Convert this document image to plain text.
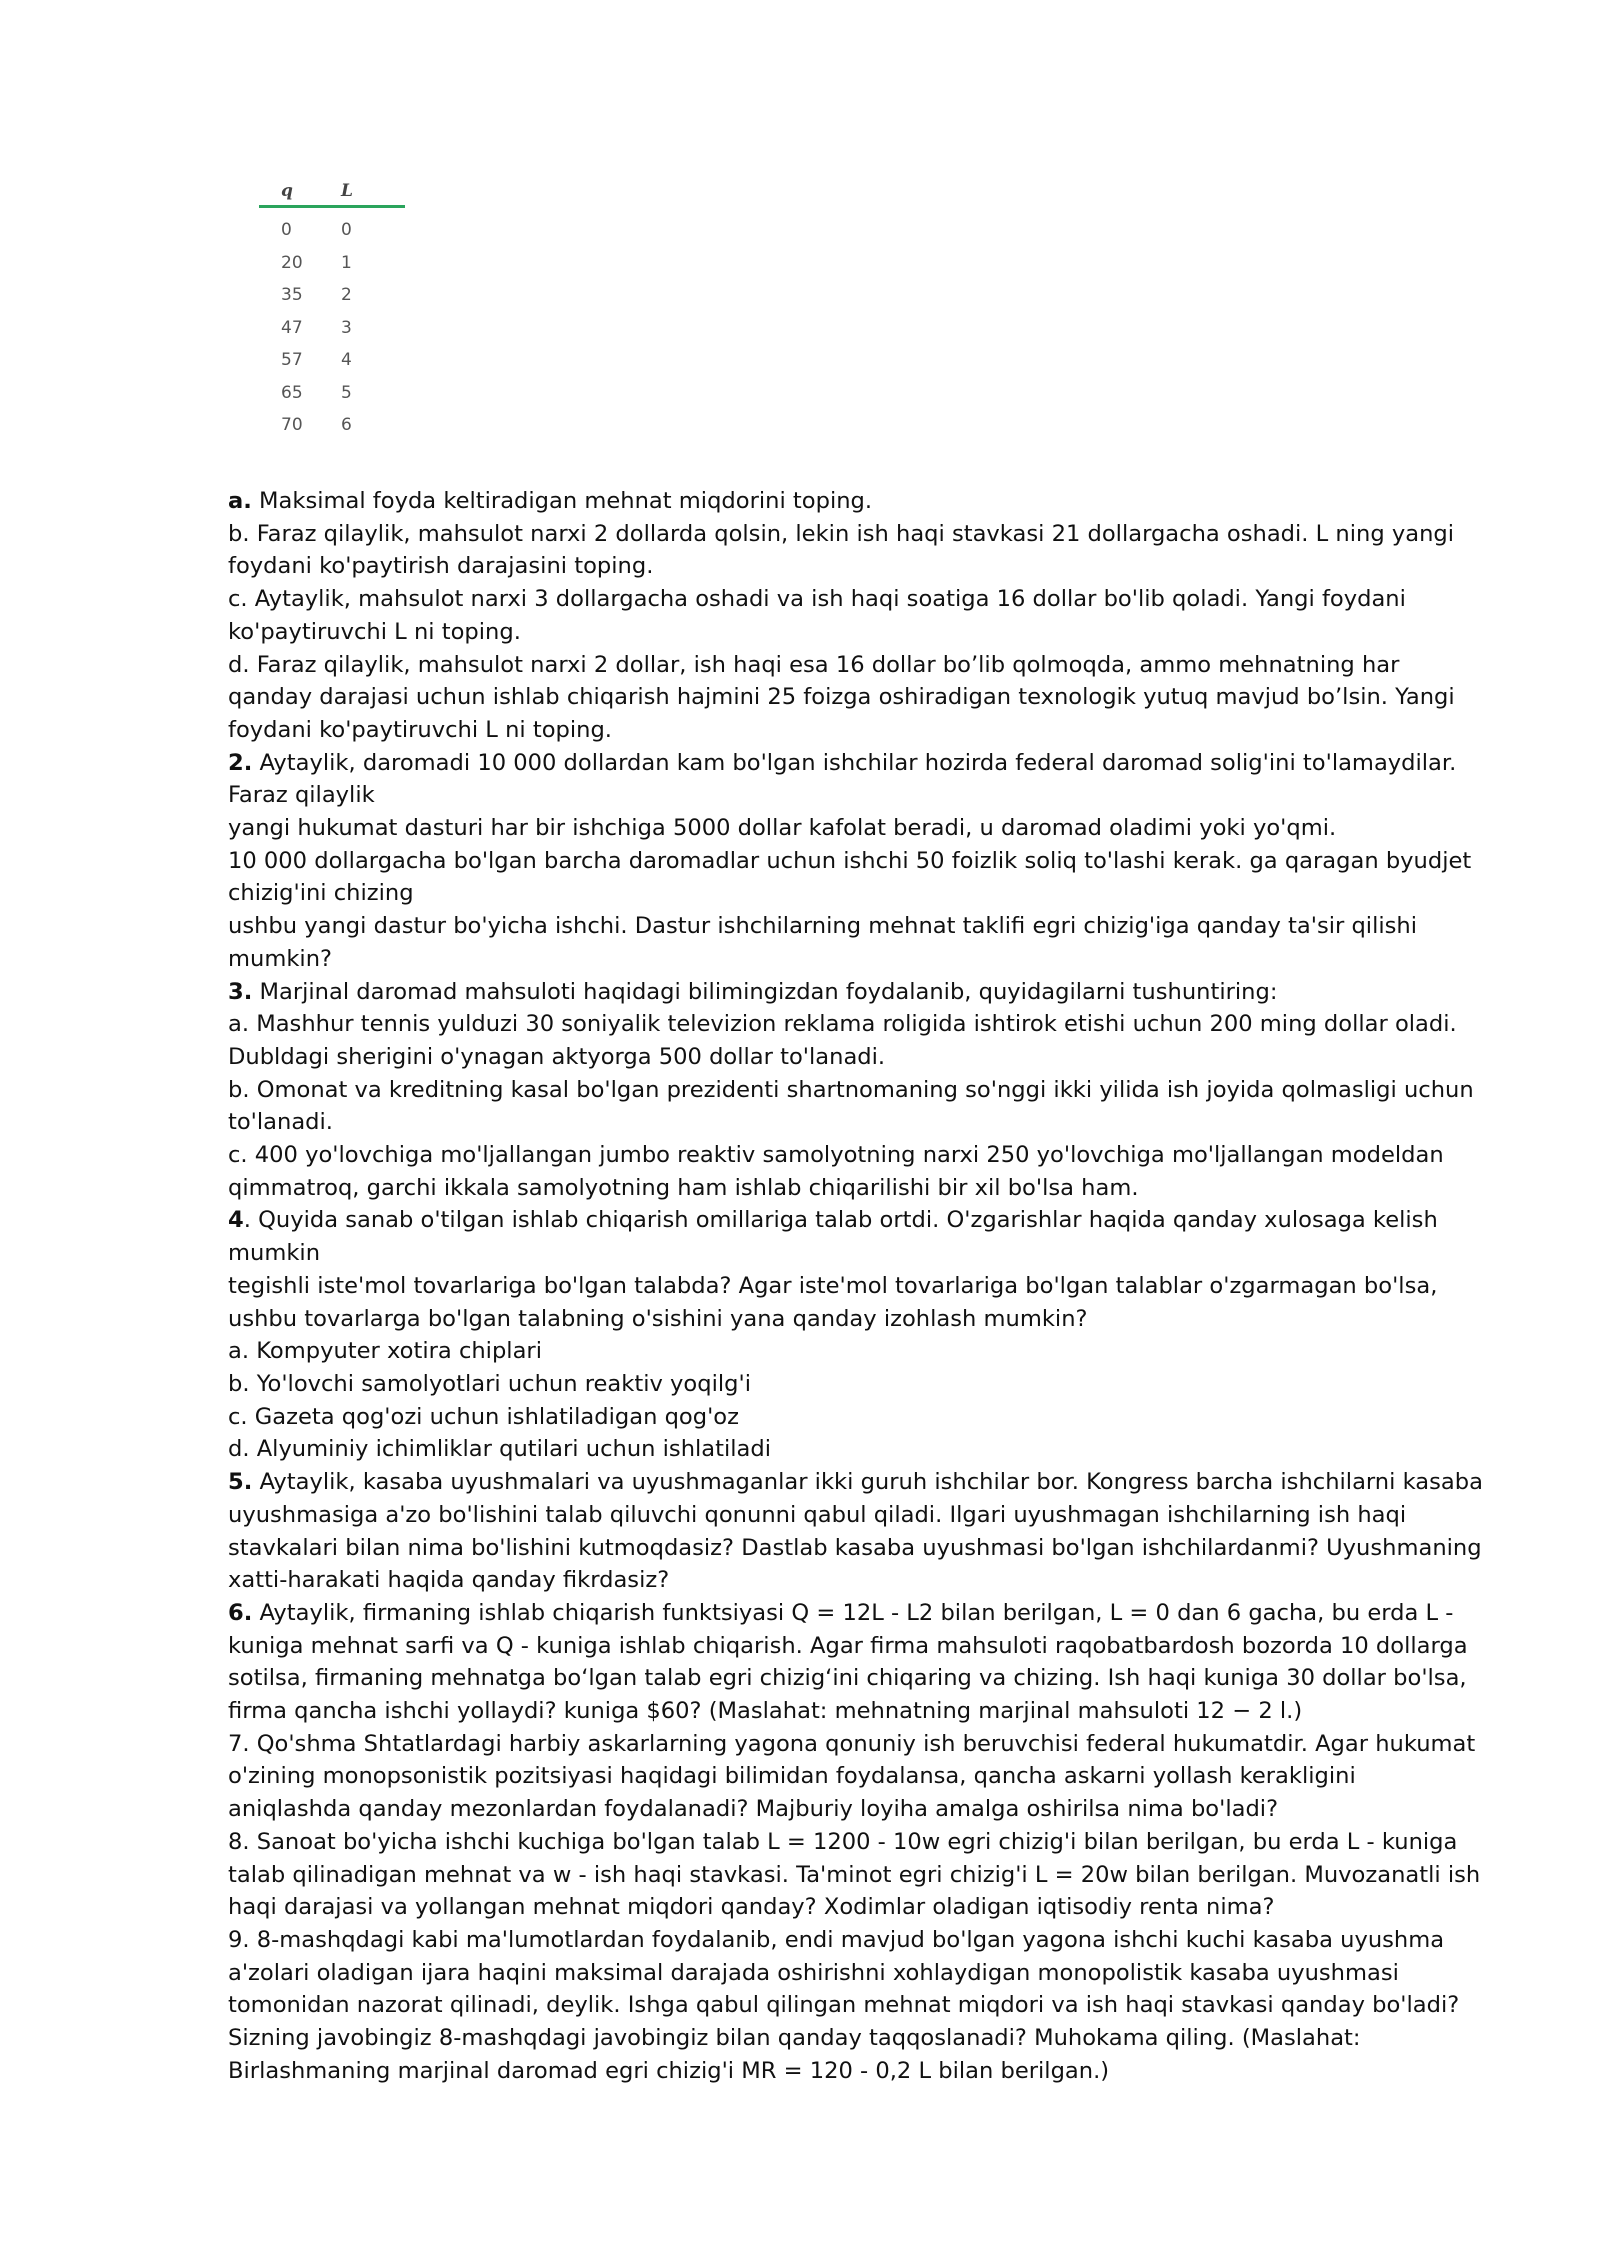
q	L
0	0
20	1
35	2
47	3
57	4
65	5
70	6

a. Maksimal foyda keltiradigan mehnat miqdorini toping.

b. Faraz qilaylik, mahsulot narxi 2 dollarda qolsin, lekin ish haqi stavkasi 21 dollargacha oshadi. L ning yangi

foydani ko'paytirish darajasini toping.

c. Aytaylik, mahsulot narxi 3 dollargacha oshadi va ish haqi soatiga 16 dollar bo'lib qoladi. Yangi foydani

ko'paytiruvchi L ni toping.

d. Faraz qilaylik, mahsulot narxi 2 dollar, ish haqi esa 16 dollar bo’lib qolmoqda, ammo mehnatning har

qanday darajasi uchun ishlab chiqarish hajmini 25 foizga oshiradigan texnologik yutuq mavjud bo’lsin. Yangi

foydani ko'paytiruvchi L ni toping.

2. Aytaylik, daromadi 10 000 dollardan kam bo'lgan ishchilar hozirda federal daromad solig'ini to'lamaydilar.

Faraz qilaylik

yangi hukumat dasturi har bir ishchiga 5000 dollar kafolat beradi, u daromad oladimi yoki yo'qmi.

10 000 dollargacha bo'lgan barcha daromadlar uchun ishchi 50 foizlik soliq to'lashi kerak. ga qaragan byudjet

chizig'ini chizing

ushbu yangi dastur bo'yicha ishchi. Dastur ishchilarning mehnat taklifi egri chizig'iga qanday ta'sir qilishi

mumkin?

3. Marjinal daromad mahsuloti haqidagi bilimingizdan foydalanib, quyidagilarni tushuntiring:

a. Mashhur tennis yulduzi 30 soniyalik televizion reklama roligida ishtirok etishi uchun 200 ming dollar oladi.

Dubldagi sherigini o'ynagan aktyorga 500 dollar to'lanadi.

b. Omonat va kreditning kasal bo'lgan prezidenti shartnomaning so'nggi ikki yilida ish joyida qolmasligi uchun

to'lanadi.

c. 400 yo'lovchiga mo'ljallangan jumbo reaktiv samolyotning narxi 250 yo'lovchiga mo'ljallangan modeldan

qimmatroq, garchi ikkala samolyotning ham ishlab chiqarilishi bir xil bo'lsa ham.

4. Quyida sanab o'tilgan ishlab chiqarish omillariga talab ortdi. O'zgarishlar haqida qanday xulosaga kelish

mumkin

tegishli iste'mol tovarlariga bo'lgan talabda? Agar iste'mol tovarlariga bo'lgan talablar o'zgarmagan bo'lsa,

ushbu tovarlarga bo'lgan talabning o'sishini yana qanday izohlash mumkin?

a. Kompyuter xotira chiplari

b. Yo'lovchi samolyotlari uchun reaktiv yoqilg'i

c. Gazeta qog'ozi uchun ishlatiladigan qog'oz

d. Alyuminiy ichimliklar qutilari uchun ishlatiladi

5. Aytaylik, kasaba uyushmalari va uyushmaganlar ikki guruh ishchilar bor. Kongress barcha ishchilarni kasaba

uyushmasiga a'zo bo'lishini talab qiluvchi qonunni qabul qiladi. Ilgari uyushmagan ishchilarning ish haqi

stavkalari bilan nima bo'lishini kutmoqdasiz? Dastlab kasaba uyushmasi bo'lgan ishchilardanmi? Uyushmaning

xatti-harakati haqida qanday fikrdasiz?

6. Aytaylik, firmaning ishlab chiqarish funktsiyasi Q = 12L - L2 bilan berilgan, L = 0 dan 6 gacha, bu erda L -

kuniga mehnat sarfi va Q - kuniga ishlab chiqarish. Agar firma mahsuloti raqobatbardosh bozorda 10 dollarga

sotilsa, firmaning mehnatga bo‘lgan talab egri chizig‘ini chiqaring va chizing. Ish haqi kuniga 30 dollar bo'lsa,

firma qancha ishchi yollaydi? kuniga $60? (Maslahat: mehnatning marjinal mahsuloti 12 − 2 l.)

7. Qo'shma Shtatlardagi harbiy askarlarning yagona qonuniy ish beruvchisi federal hukumatdir. Agar hukumat

o'zining monopsonistik pozitsiyasi haqidagi bilimidan foydalansa, qancha askarni yollash kerakligini

aniqlashda qanday mezonlardan foydalanadi? Majburiy loyiha amalga oshirilsa nima bo'ladi?

8. Sanoat bo'yicha ishchi kuchiga bo'lgan talab L = 1200 - 10w egri chizig'i bilan berilgan, bu erda L - kuniga

talab qilinadigan mehnat va w - ish haqi stavkasi. Ta'minot egri chizig'i L = 20w bilan berilgan. Muvozanatli ish

haqi darajasi va yollangan mehnat miqdori qanday? Xodimlar oladigan iqtisodiy renta nima?

9. 8-mashqdagi kabi ma'lumotlardan foydalanib, endi mavjud bo'lgan yagona ishchi kuchi kasaba uyushma

a'zolari oladigan ijara haqini maksimal darajada oshirishni xohlaydigan monopolistik kasaba uyushmasi

tomonidan nazorat qilinadi, deylik. Ishga qabul qilingan mehnat miqdori va ish haqi stavkasi qanday bo'ladi?

Sizning javobingiz 8-mashqdagi javobingiz bilan qanday taqqoslanadi? Muhokama qiling. (Maslahat:

Birlashmaning marjinal daromad egri chizig'i MR = 120 - 0,2 L bilan berilgan.)
